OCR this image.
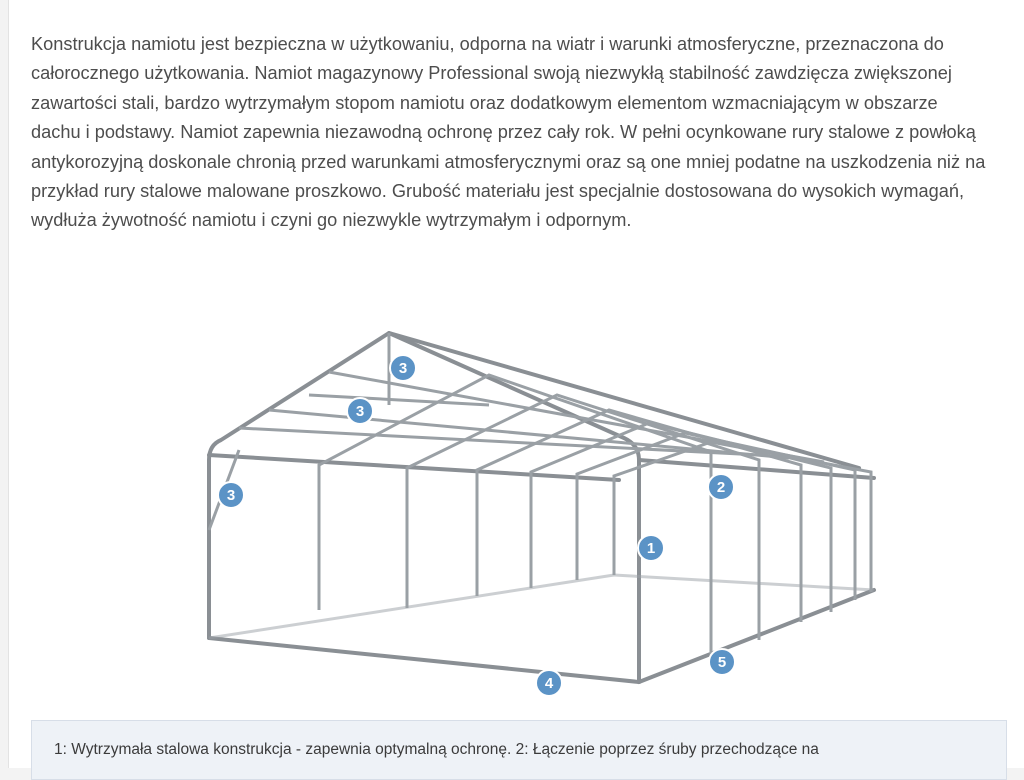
Konstrukcja namiotu jest bezpieczna w użytkowaniu, odporna na wiatr i warunki atmosferyczne, przeznaczona do całorocznego użytkowania. Namiot magazynowy Professional swoją niezwykłą stabilność zawdzięcza zwiększonej zawartości stali, bardzo wytrzymałym stopom namiotu oraz dodatkowym elementom wzmacniającym w obszarze dachu i podstawy. Namiot zapewnia niezawodną ochronę przez cały rok. W pełni ocynkowane rury stalowe z powłoką antykorozyjną doskonale chronią przed warunkami atmosferycznymi oraz są one mniej podatne na uszkodzenia niż na przykład rury stalowe malowane proszkowo. Grubość materiału jest specjalnie dostosowana do wysokich wymagań, wydłuża żywotność namiotu i czyni go niezwykle wytrzymałym i odpornym.

3
3
3	2
1
5
4
1: Wytrzymała stalowa konstrukcja - zapewnia optymalną ochronę. 2: Łączenie poprzez śruby przechodzące na
